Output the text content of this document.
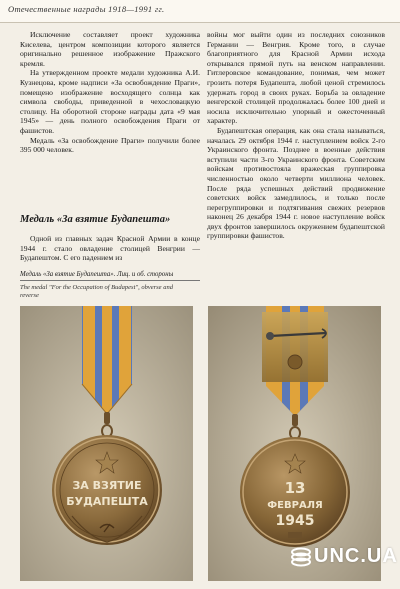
Отечественные награды 1918—1991 гг.

Исключение составляет проект художника Киселева, центром композиции которого является оригинально решенное изображение Пражского кремля.

На утвержденном проекте медали художника А.И. Кузнецова, кроме надписи «За освобождение Праги», помещено изображение восходящего солнца как символа свободы, приведенной в чехословацкую столицу. На оборотной стороне награды дата «9 мая 1945» — день полного освобождения Праги от фашистов.

Медаль «За освобождение Праги» получили более 395 000 человек.

Медаль «За взятие Будапешта»

Одной из главных задач Красной Армии в конце 1944 г. стало овладение столицей Венгрии — Будапештом. С его падением из

Медаль «За взятие Будапешта». Лиц. и об. стороны
The medal "For the Occupation of Budapest", obverse and reverse

войны мог выйти один из последних союзников Германии — Венгрия. Кроме того, в случае благоприятного для Красной Армии исхода открывался прямой путь на венском направлении. Гитлеровское командование, понимая, чем может грозить потеря Будапешта, любой ценой стремилось удержать город в своих руках. Борьба за овладение венгерской столицей продолжалась более 100 дней и носила исключительно упорный и ожесточенный характер.

Будапештская операция, как она стала называться, началась 29 октября 1944 г. наступлением войск 2-го Украинского фронта. Позднее в военные действия вступили части 3-го Украинского фронта. Советским войскам противостояла вражеская группировка численностью около четверти миллиона человек. После ряда успешных действий продвижение советских войск замедлилось, и только после перегруппировки и подтягивания свежих резервов наконец 26 декабря 1944 г. новое наступление войск двух фронтов завершилось окружением будапештской группировки фашистов.

ЗА ВЗЯТИЕ
БУДАПЕШТА
13
ФЕВРАЛЯ
1945
UNC.UA
